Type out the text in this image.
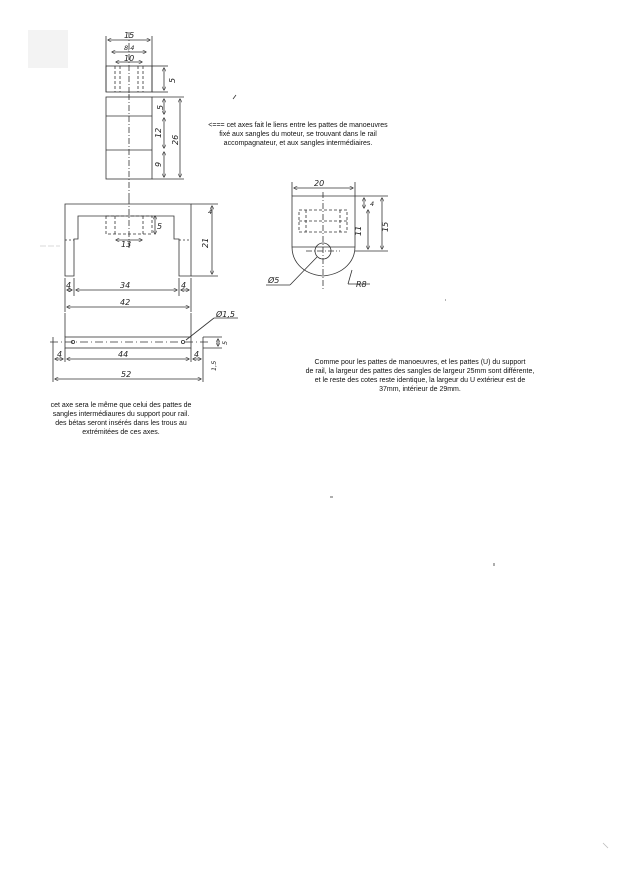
15
8,4
10
5
5
12
9
26
13
5
4
21
4	34	4
42
Ø1,5
4	44	4
5
1,5
52
20
4
11 15
Ø5	R8
<=== cet axes fait le liens entre les pattes de manoeuvres
fixé aux sangles du moteur, se trouvant dans le rail
accompagnateur, et aux sangles intermédiaires.
Comme pour les pattes de manoeuvres, et les pattes (U) du support
de rail, la largeur des pattes des sangles de largeur 25mm sont différente,
et le reste des cotes reste identique, la largeur du U extérieur est de
37mm, intérieur de 29mm.
cet axe sera le même que celui des pattes de
sangles intermédiaures du support pour rail.
des bétas seront insérés dans les trous au
extrémitées de ces axes.
